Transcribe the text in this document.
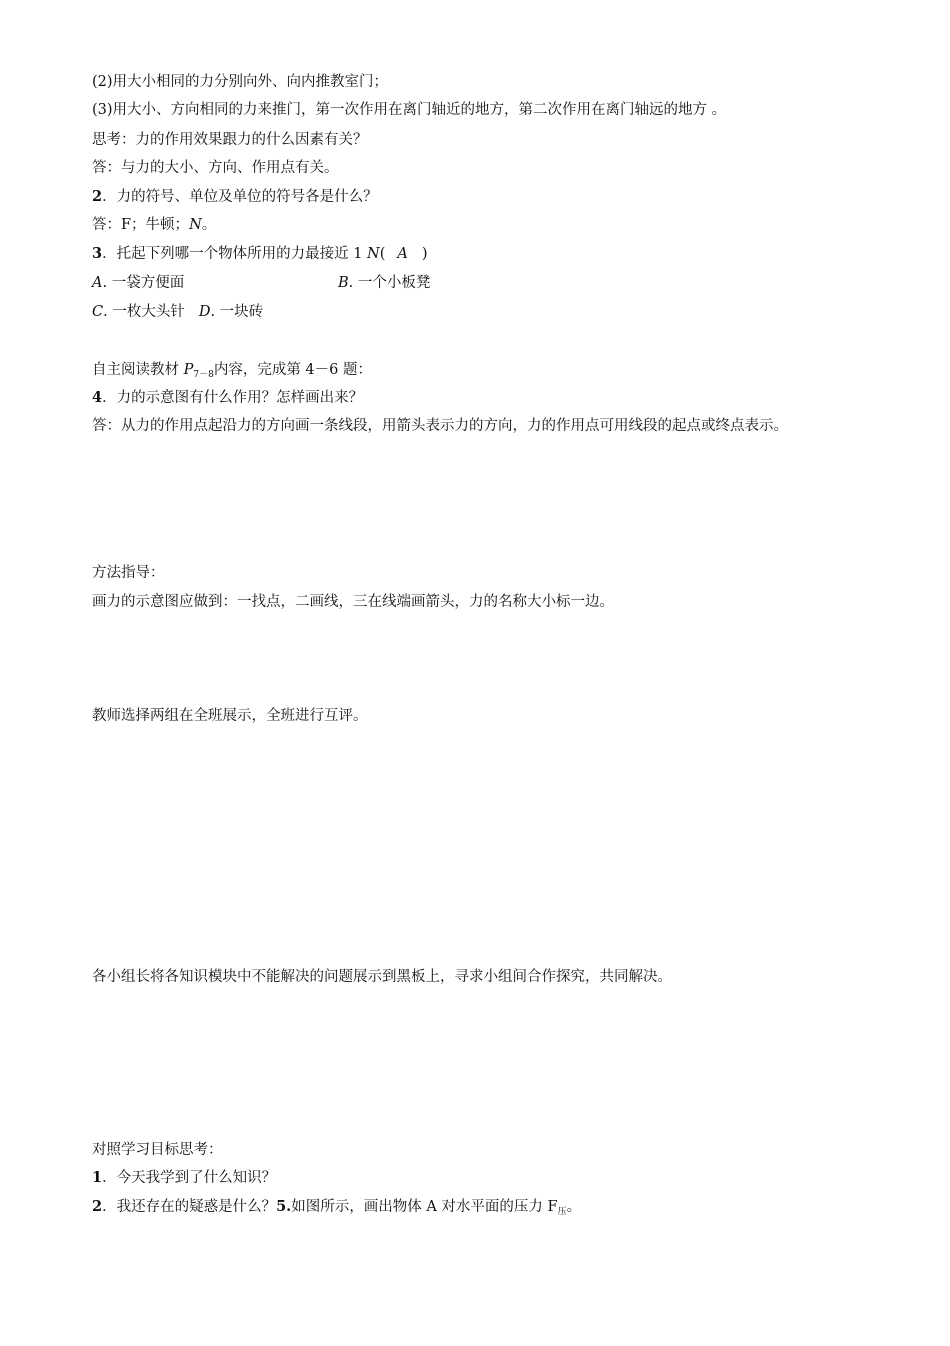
(2)用大小相同的力分别向外、向内推教室门；
(3)用大小、方向相同的力来推门，第一次作用在离门轴近的地方，第二次作用在离门轴远的地方 。
思考：力的作用效果跟力的什么因素有关？
答：与力的大小、方向、作用点有关。
2．力的符号、单位及单位的符号各是什么？
答：F；牛顿；N。
3．托起下列哪一个物体所用的力最接近 1 N( A )
A. 一袋方便面	B. 一个小板凳
C. 一枚大头针 D. 一块砖
自主阅读教材 $P_{7-8}$内容，完成第 4－6 题：
4．力的示意图有什么作用？怎样画出来？
答：从力的作用点起沿力的方向画一条线段，用箭头表示力的方向，力的作用点可用线段的起点或终点表示。
方法指导：
画力的示意图应做到：一找点，二画线，三在线端画箭头，力的名称大小标一边。
教师选择两组在全班展示，全班进行互评。
各小组长将各知识模块中不能解决的问题展示到黑板上，寻求小组间合作探究，共同解决。
对照学习目标思考：
1．今天我学到了什么知识？
2．我还存在的疑惑是什么？5.如图所示，画出物体 A 对水平面的压力 $F_压$。
